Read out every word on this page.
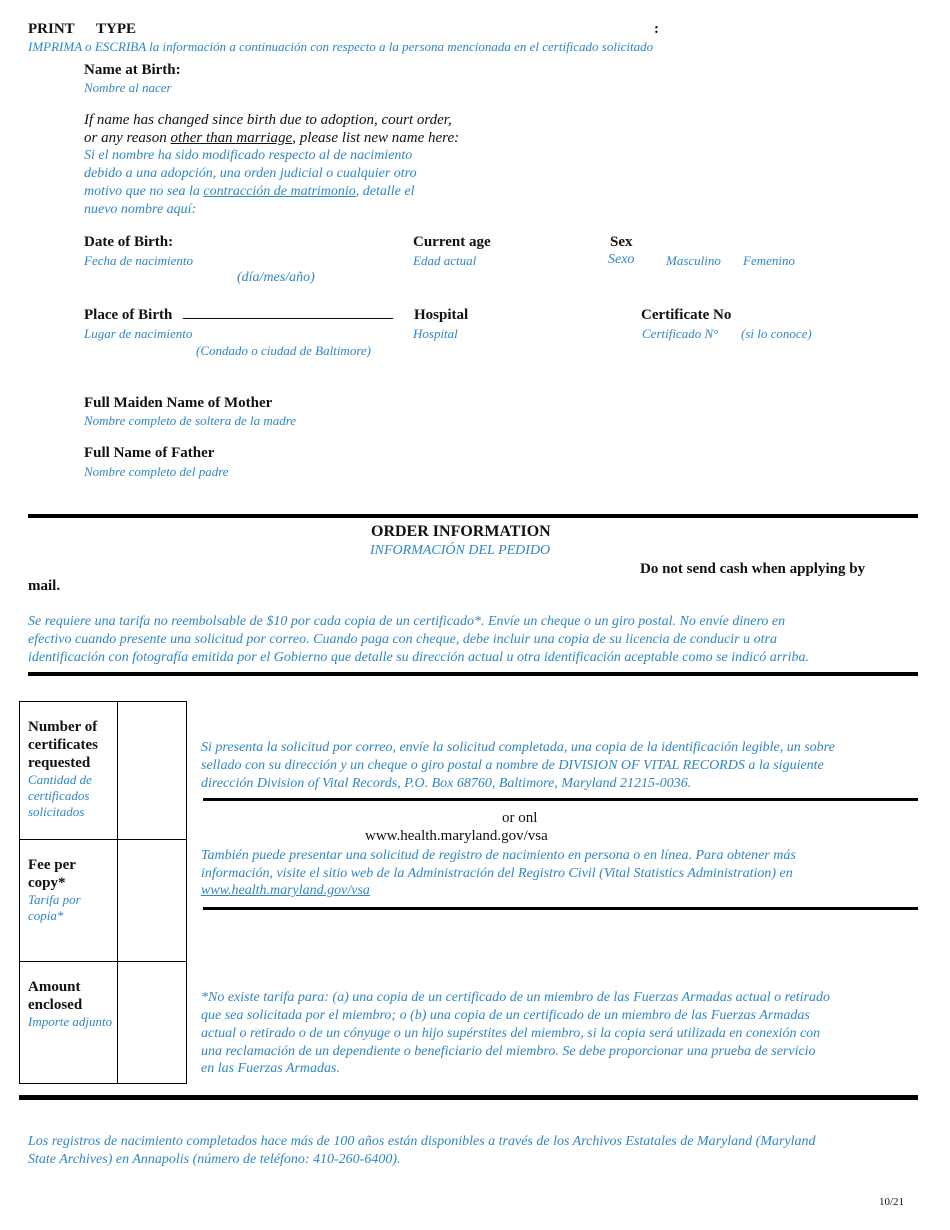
PRINT TYPE	:
IMPRIMA o ESCRIBA la información a continuación con respecto a la persona mencionada en el certificado solicitado
Name at Birth:
Nombre al nacer
If name has changed since birth due to adoption, court order,
or any reason other than marriage, please list new name here:
Si el nombre ha sido modificado respecto al de nacimiento
debido a una adopción, una orden judicial o cualquier otro
motivo que no sea la contracción de matrimonio, detalle el
nuevo nombre aquí:
Date of Birth:
Fecha de nacimiento
(día/mes/año)
Current age
Edad actual
Sex
Sexo Masculino Femenino
Place of Birth ____________________________
Lugar de nacimiento
(Condado o ciudad de Baltimore)
Hospital
Hospital
Certificate No
Certificado N° (si lo conoce)
Full Maiden Name of Mother
Nombre completo de soltera de la madre
Full Name of Father
Nombre completo del padre
ORDER INFORMATION
INFORMACIÓN DEL PEDIDO
Do not send cash when applying by
mail.
Se requiere una tarifa no reembolsable de $10 por cada copia de un certificado*. Envíe un cheque o un giro postal. No envíe dinero en
efectivo cuando presente una solicitud por correo. Cuando paga con cheque, debe incluir una copia de su licencia de conducir u otra
identificación con fotografía emitida por el Gobierno que detalle su dirección actual u otra identificación aceptable como se indicó arriba.
Number of certificates requested
Cantidad de certificados solicitados
Fee per copy*
Tarifa por copia*
Amount enclosed
Importe adjunto
Si presenta la solicitud por correo, envíe la solicitud completada, una copia de la identificación legible, un sobre
sellado con su dirección y un cheque o giro postal a nombre de DIVISION OF VITAL RECORDS a la siguiente
dirección Division of Vital Records, P.O. Box 68760, Baltimore, Maryland 21215-0036.
or onl
www.health.maryland.gov/vsa
También puede presentar una solicitud de registro de nacimiento en persona o en línea. Para obtener más
información, visite el sitio web de la Administración del Registro Civil (Vital Statistics Administration) en
www.health.maryland.gov/vsa
*No existe tarifa para: (a) una copia de un certificado de un miembro de las Fuerzas Armadas actual o retirado
que sea solicitada por el miembro; o (b) una copia de un certificado de un miembro de las Fuerzas Armadas
actual o retirado o de un cónyuge o un hijo supérstites del miembro, si la copia será utilizada en conexión con
una reclamación de un dependiente o beneficiario del miembro. Se debe proporcionar una prueba de servicio
en las Fuerzas Armadas.
Los registros de nacimiento completados hace más de 100 años están disponibles a través de los Archivos Estatales de Maryland (Maryland
State Archives) en Annapolis (número de teléfono: 410-260-6400).
10/21
